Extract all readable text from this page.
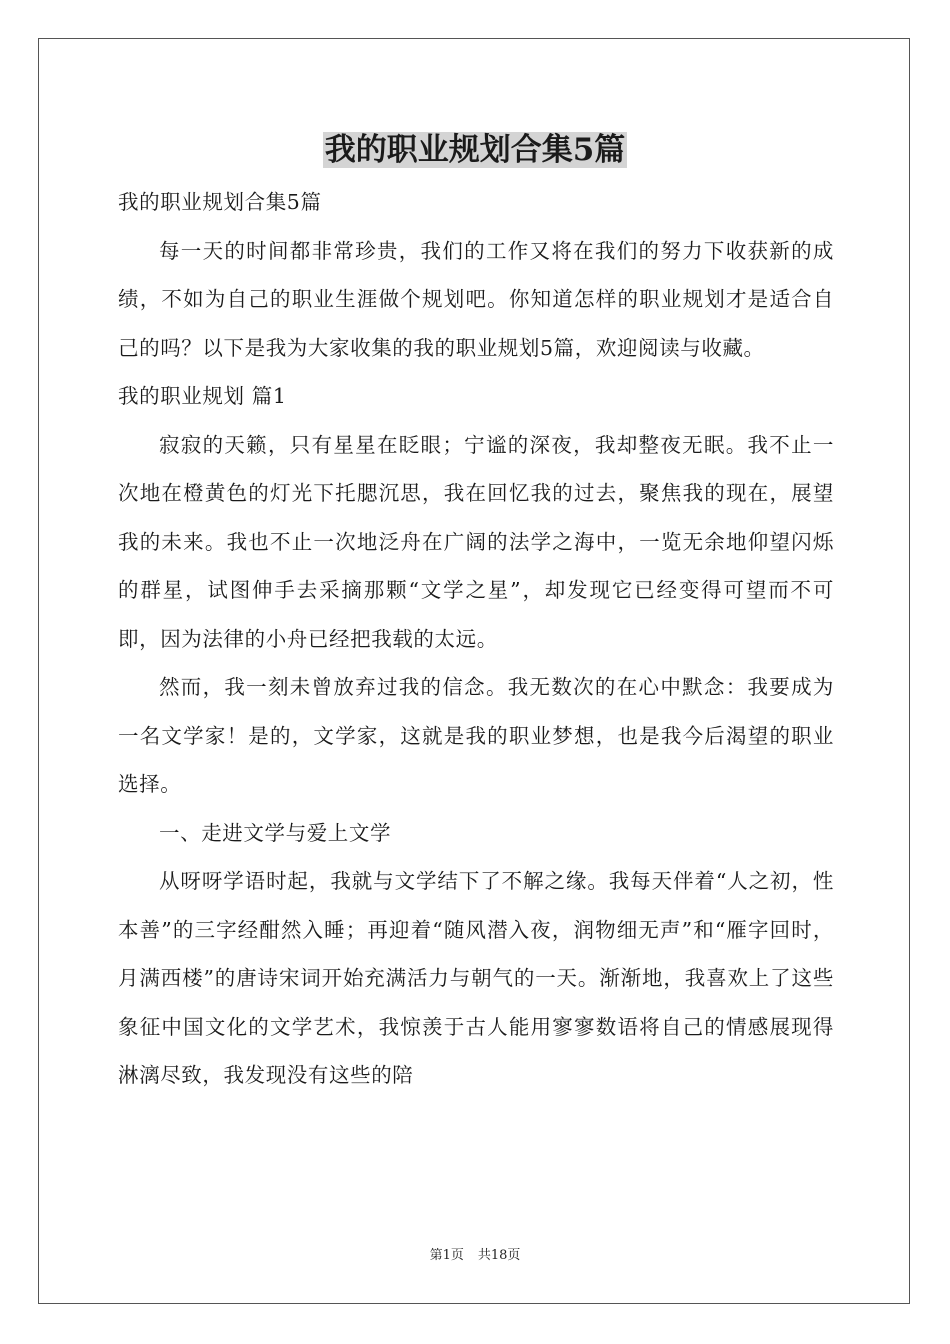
我的职业规划合集5篇

我的职业规划合集5篇

每一天的时间都非常珍贵，我们的工作又将在我们的努力下收获新的成绩，不如为自己的职业生涯做个规划吧。你知道怎样的职业规划才是适合自己的吗？以下是我为大家收集的我的职业规划5篇，欢迎阅读与收藏。

我的职业规划 篇1

寂寂的天籁，只有星星在眨眼；宁谧的深夜，我却整夜无眠。我不止一次地在橙黄色的灯光下托腮沉思，我在回忆我的过去，聚焦我的现在，展望我的未来。我也不止一次地泛舟在广阔的法学之海中，一览无余地仰望闪烁的群星，试图伸手去采摘那颗“文学之星”，却发现它已经变得可望而不可即，因为法律的小舟已经把我载的太远。

然而，我一刻未曾放弃过我的信念。我无数次的在心中默念：我要成为一名文学家！是的，文学家，这就是我的职业梦想，也是我今后渴望的职业选择。

一、走进文学与爱上文学

从呀呀学语时起，我就与文学结下了不解之缘。我每天伴着“人之初，性本善”的三字经酣然入睡；再迎着“随风潜入夜，润物细无声”和“雁字回时，月满西楼”的唐诗宋词开始充满活力与朝气的一天。渐渐地，我喜欢上了这些象征中国文化的文学艺术，我惊羡于古人能用寥寥数语将自己的情感展现得淋漓尽致，我发现没有这些的陪

第1页 共18页
